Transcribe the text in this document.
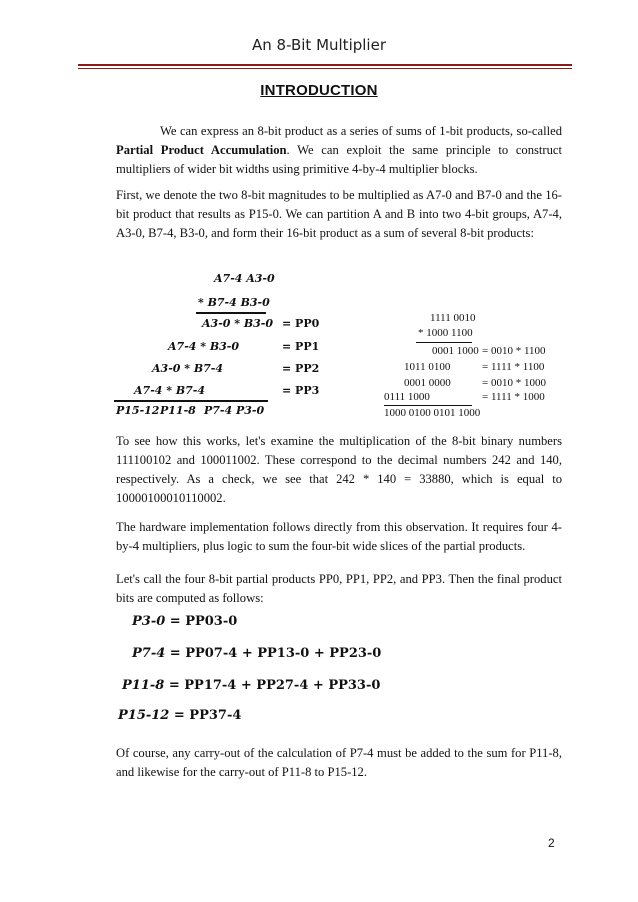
An 8-Bit Multiplier
INTRODUCTION
We can express an 8-bit product as a series of sums of 1-bit products, so-called Partial Product Accumulation. We can exploit the same principle to construct multipliers of wider bit widths using primitive 4-by-4 multiplier blocks.
First, we denote the two 8-bit magnitudes to be multiplied as A7-0 and B7-0 and the 16-bit product that results as P15-0. We can partition A and B into two 4-bit groups, A7-4, A3-0, B7-4, B3-0, and form their 16-bit product as a sum of several 8-bit products:
A7-4 A3-0
* B7-4 B3-0
A3-0 * B3-0
A7-4 * B3-0
A3-0 * B7-4
A7-4 * B7-4
P15-12 P11-8 P7-4 P3-0
= PP0
= PP1
= PP2
= PP3
1111 0010
* 1000 1100
0001 1000
1011 0100
0001 0000
0111 1000
1000 0100 0101 1000
= 0010 * 1100
= 1111 * 1100
= 0010 * 1000
= 1111 * 1000
To see how this works, let's examine the multiplication of the 8-bit binary numbers 111100102 and 100011002. These correspond to the decimal numbers 242 and 140, respectively. As a check, we see that 242 * 140 = 33880, which is equal to 10000100010110002.
The hardware implementation follows directly from this observation. It requires four 4-by-4 multipliers, plus logic to sum the four-bit wide slices of the partial products.
Let's call the four 8-bit partial products PP0, PP1, PP2, and PP3. Then the final product bits are computed as follows:
P3-0 = PP03-0
P7-4 = PP07-4 + PP13-0 + PP23-0
P11-8 = PP17-4 + PP27-4 + PP33-0
P15-12 = PP37-4
Of course, any carry-out of the calculation of P7-4 must be added to the sum for P11-8, and likewise for the carry-out of P11-8 to P15-12.
2
